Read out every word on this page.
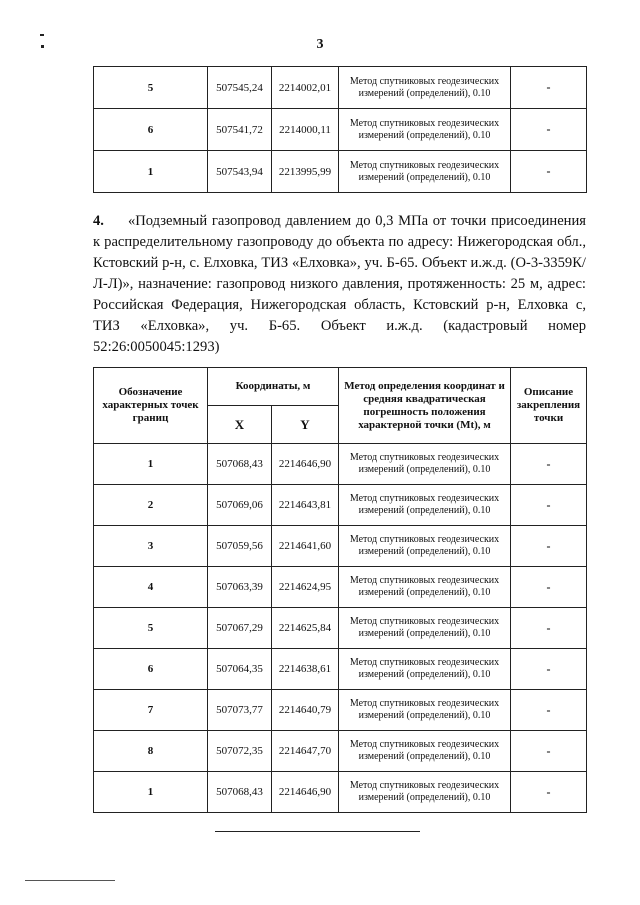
3
5	507545,24	2214002,01	Метод спутниковых геодезических измерений (определений), 0.10	-
6	507541,72	2214000,11	Метод спутниковых геодезических измерений (определений), 0.10	-
1	507543,94	2213995,99	Метод спутниковых геодезических измерений (определений), 0.10	-
4. «Подземный газопровод давлением до 0,3 МПа от точки присоединения к распределительному газопроводу до объекта по адресу: Нижегородская обл., Кстовский р-н, с. Елховка, ТИЗ «Елховка», уч. Б-65. Объект и.ж.д. (О-3-3359К/Л-Л)», назначение: газопровод низкого давления, протяженность: 25 м, адрес: Российская Федерация, Нижегородская область, Кстовский р-н, Елховка с, ТИЗ «Елховка», уч. Б-65. Объект и.ж.д. (кадастровый номер 52:26:0050045:1293)
Обозначение характерных точек границ	Координаты, м		Метод определения координат и средняя квадратическая погрешность положения характерной точки (Mt), м	Описание закрепления точки
	X	Y		
1	507068,43	2214646,90	Метод спутниковых геодезических измерений (определений), 0.10	-
2	507069,06	2214643,81	Метод спутниковых геодезических измерений (определений), 0.10	-
3	507059,56	2214641,60	Метод спутниковых геодезических измерений (определений), 0.10	-
4	507063,39	2214624,95	Метод спутниковых геодезических измерений (определений), 0.10	-
5	507067,29	2214625,84	Метод спутниковых геодезических измерений (определений), 0.10	-
6	507064,35	2214638,61	Метод спутниковых геодезических измерений (определений), 0.10	-
7	507073,77	2214640,79	Метод спутниковых геодезических измерений (определений), 0.10	-
8	507072,35	2214647,70	Метод спутниковых геодезических измерений (определений), 0.10	-
1	507068,43	2214646,90	Метод спутниковых геодезических измерений (определений), 0.10	-
